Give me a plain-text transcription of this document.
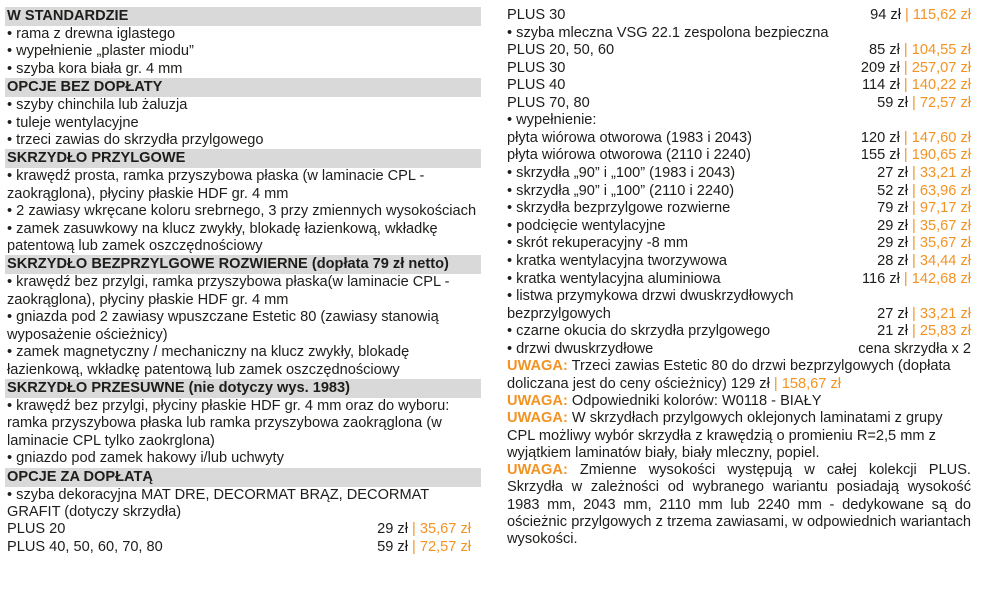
W STANDARDZIE
• rama z drewna iglastego
• wypełnienie „plaster miodu”
• szyba kora biała gr. 4 mm
OPCJE BEZ DOPŁATY
• szyby chinchila lub żaluzja
• tuleje wentylacyjne
• trzeci zawias do skrzydła przylgowego
SKRZYDŁO PRZYLGOWE
• krawędź prosta, ramka przyszybowa płaska (w laminacie CPL - zaokrąglona), płyciny płaskie HDF gr. 4 mm
• 2 zawiasy wkręcane koloru srebrnego, 3 przy zmiennych wysokościach
• zamek zasuwkowy na klucz zwykły, blokadę łazienkową, wkładkę patentową lub zamek oszczędnościowy
SKRZYDŁO BEZPRZYLGOWE ROZWIERNE (dopłata 79 zł netto)
• krawędź bez przylgi, ramka przyszybowa płaska(w laminacie CPL - zaokrąglona), płyciny płaskie HDF gr. 4 mm
• gniazda pod 2 zawiasy wpuszczane Estetic 80 (zawiasy stanowią wyposażenie ościeżnicy)
• zamek magnetyczny / mechaniczny na klucz zwykły, blokadę łazienkową, wkładkę patentową lub zamek oszczędnościowy
SKRZYDŁO PRZESUWNE (nie dotyczy wys. 1983)
• krawędź bez przylgi, płyciny płaskie HDF gr. 4 mm oraz do wyboru: ramka przyszybowa płaska lub ramka przyszybowa zaokrąglona (w laminacie CPL tylko zaokrglona)
• gniazdo pod zamek hakowy i/lub uchwyty
OPCJE ZA DOPŁATĄ
• szyba dekoracyjna MAT DRE, DECORMAT BRĄZ, DECORMAT GRAFIT (dotyczy skrzydła)
PLUS 20	29 zł | 35,67 zł
PLUS 40, 50, 60, 70, 80	59 zł | 72,57 zł
PLUS 30	94 zł | 115,62 zł
• szyba mleczna VSG 22.1 zespolona bezpieczna
PLUS 20, 50, 60	85 zł | 104,55 zł
PLUS 30	209 zł | 257,07 zł
PLUS 40	114 zł | 140,22 zł
PLUS 70, 80	59 zł | 72,57 zł
• wypełnienie:
płyta wiórowa otworowa (1983 i 2043)	120 zł | 147,60 zł
płyta wiórowa otworowa (2110 i 2240)	155 zł | 190,65 zł
• skrzydła „90” i „100” (1983 i 2043)	27 zł | 33,21 zł
• skrzydła „90” i „100” (2110 i 2240)	52 zł | 63,96 zł
• skrzydła bezprzylgowe rozwierne	79 zł | 97,17 zł
• podcięcie wentylacyjne	29 zł | 35,67 zł
• skrót rekuperacyjny -8 mm	29 zł | 35,67 zł
• kratka wentylacyjna tworzywowa	28 zł | 34,44 zł
• kratka wentylacyjna aluminiowa	116 zł | 142,68 zł
• listwa przymykowa drzwi dwuskrzydłowych
bezprzylgowych	27 zł | 33,21 zł
• czarne okucia do skrzydła przylgowego	21 zł | 25,83 zł
• drzwi dwuskrzydłowe	cena skrzydła x 2
UWAGA: Trzeci zawias Estetic 80 do drzwi bezprzylgowych (dopłata doliczana jest do ceny ościeżnicy) 129 zł | 158,67 zł
UWAGA: Odpowiedniki kolorów: W0118 - BIAŁY
UWAGA: W skrzydłach przylgowych oklejonych laminatami z grupy CPL możliwy wybór skrzydła z krawędzią o promieniu R=2,5 mm z wyjątkiem laminatów biały, biały mleczny, popiel.
UWAGA: Zmienne wysokości występują w całej kolekcji PLUS. Skrzydła w zależności od wybranego wariantu posiadają wysokość 1983 mm, 2043 mm, 2110 mm lub 2240 mm - dedykowane są do ościeżnic przylgowych z trzema zawiasami, w odpowiednich wariantach wysokości.
